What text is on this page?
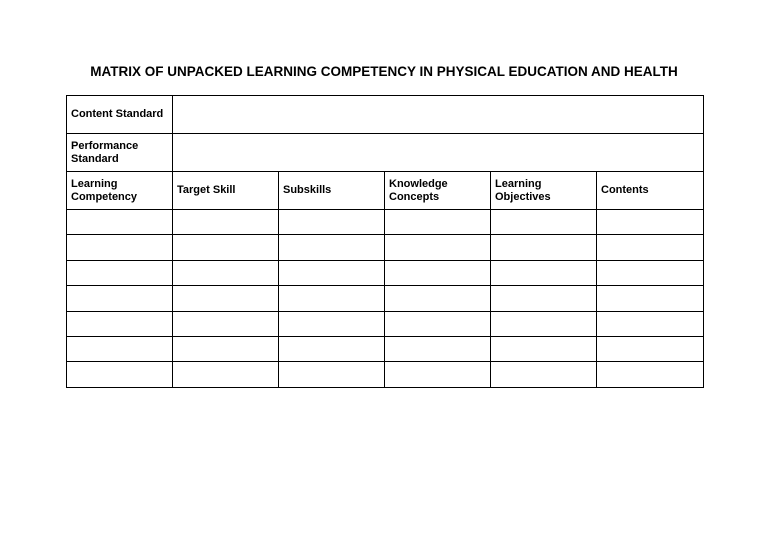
MATRIX OF UNPACKED LEARNING COMPETENCY IN PHYSICAL EDUCATION AND HEALTH
Content Standard					
Performance Standard					
Learning Competency	Target Skill	Subskills	Knowledge Concepts	Learning Objectives	Contents
